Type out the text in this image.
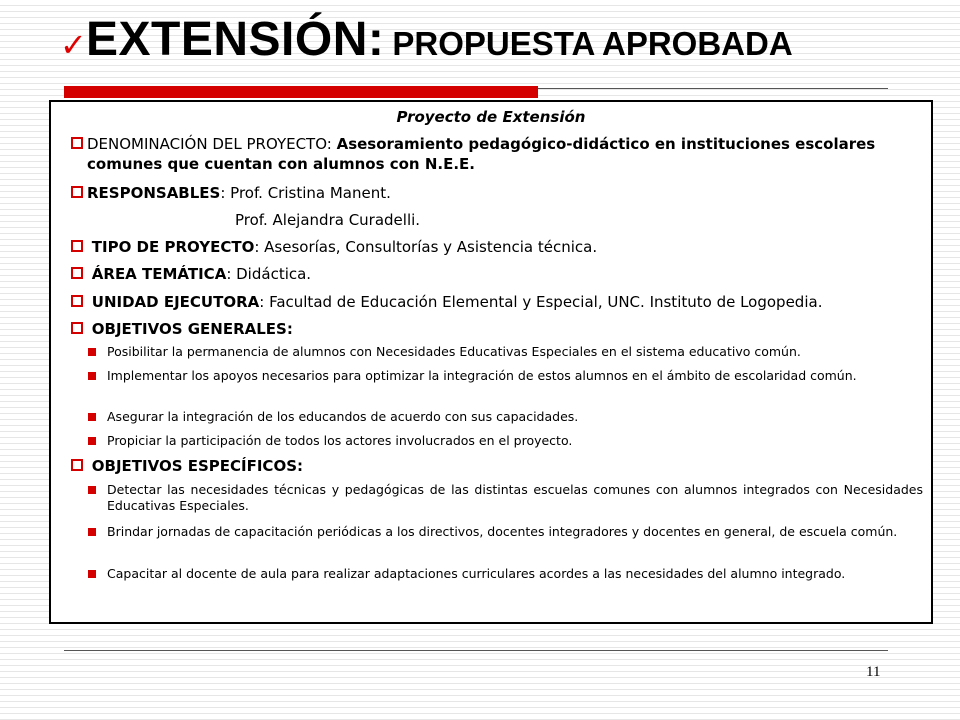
✓ EXTENSIÓN: PROPUESTA APROBADA
Proyecto de Extensión
DENOMINACIÓN DEL PROYECTO: Asesoramiento pedagógico-didáctico en instituciones escolares comunes que cuentan con alumnos con N.E.E.
RESPONSABLES: Prof. Cristina Manent.
Prof. Alejandra Curadelli.
TIPO DE PROYECTO: Asesorías, Consultorías y Asistencia técnica.
ÁREA TEMÁTICA: Didáctica.
UNIDAD EJECUTORA: Facultad de Educación Elemental y Especial, UNC. Instituto de Logopedia.
OBJETIVOS GENERALES:
Posibilitar la permanencia de alumnos con Necesidades Educativas Especiales en el sistema educativo común.
Implementar los apoyos necesarios para optimizar la integración de estos alumnos en el ámbito de escolaridad común.
Asegurar la integración de los educandos de acuerdo con sus capacidades.
Propiciar la participación de todos los actores involucrados en el proyecto.
OBJETIVOS ESPECÍFICOS:
Detectar las necesidades técnicas y pedagógicas de las distintas escuelas comunes con alumnos integrados con Necesidades Educativas Especiales.
Brindar jornadas de capacitación periódicas a los directivos, docentes integradores y docentes en general, de escuela común.
Capacitar al docente de aula para realizar adaptaciones curriculares acordes a las necesidades del alumno integrado.
11
